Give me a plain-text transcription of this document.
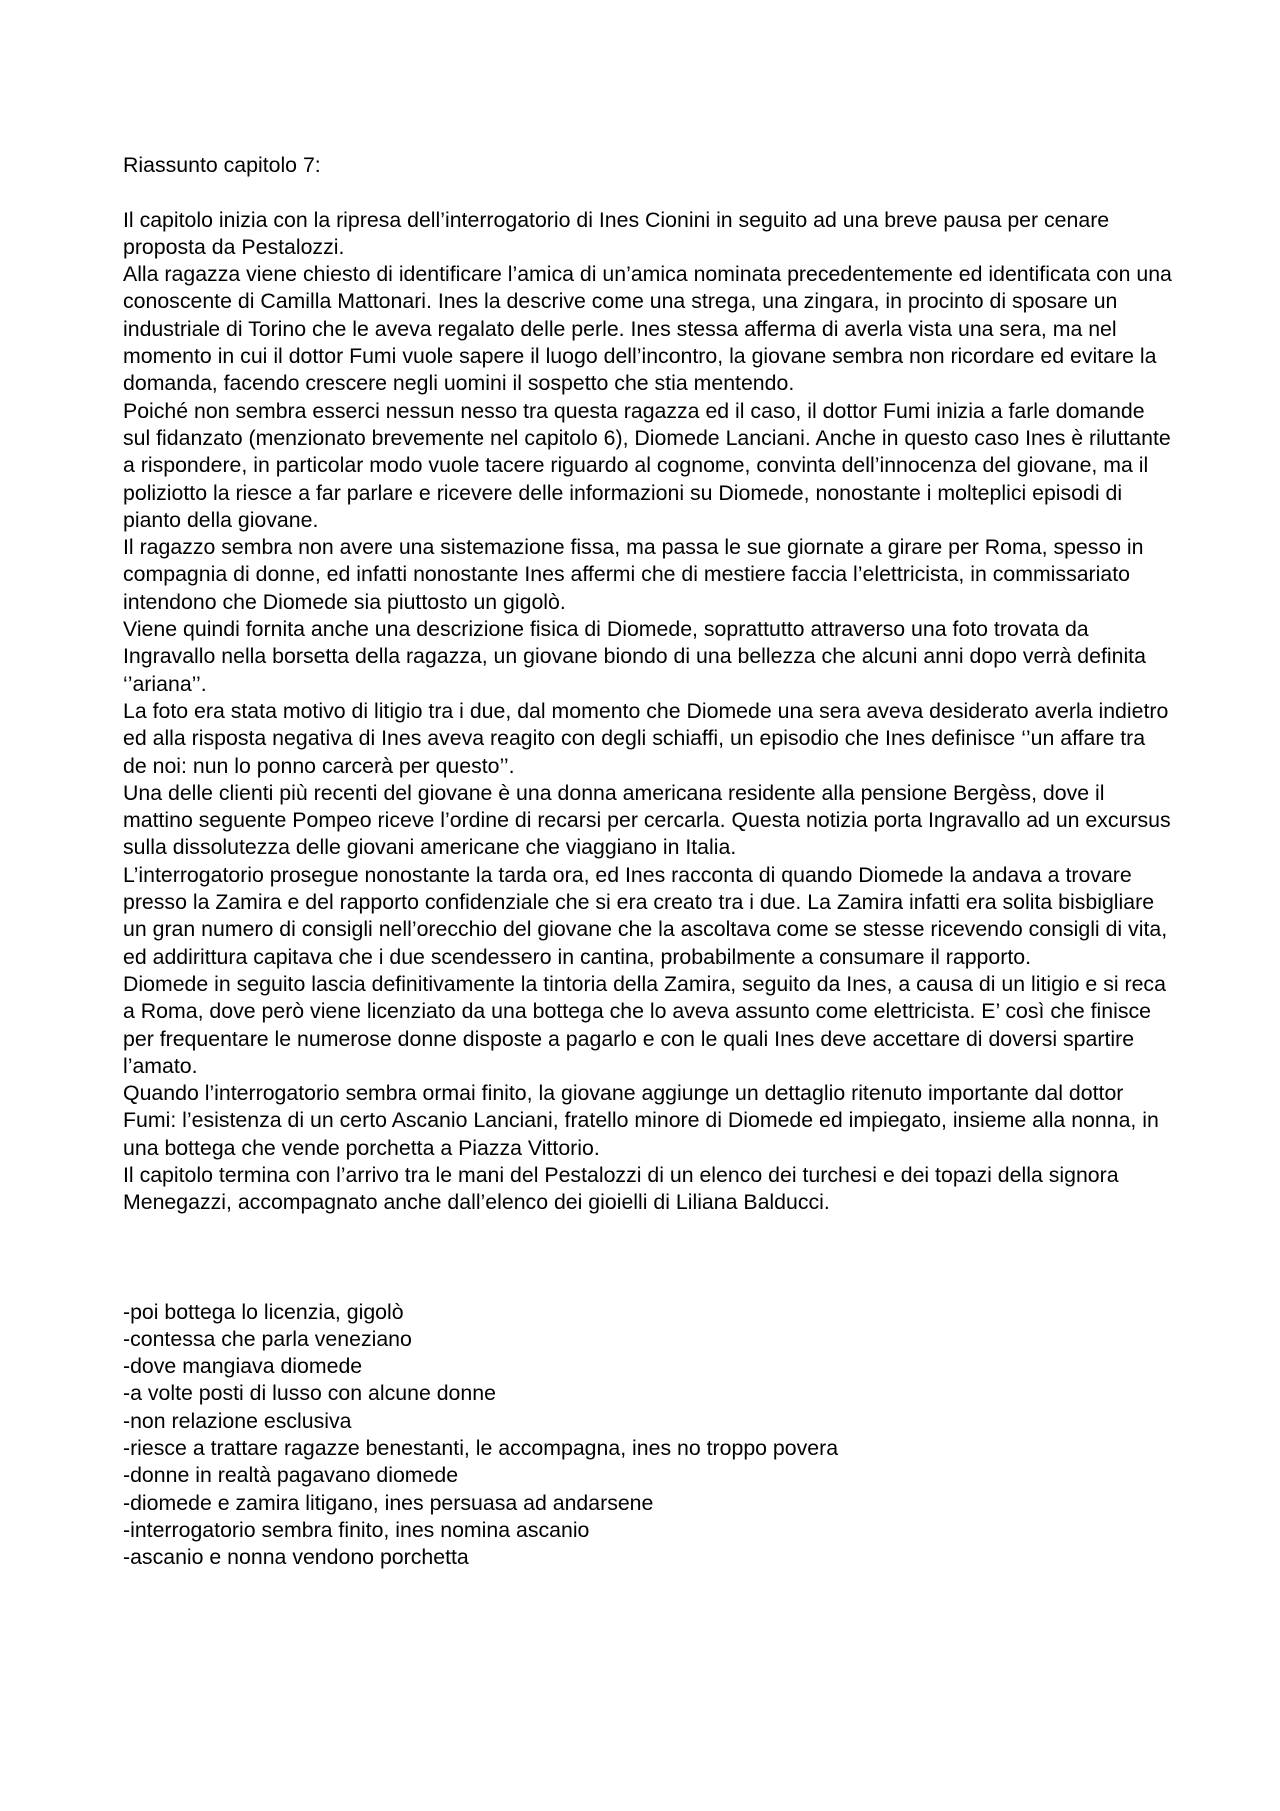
Riassunto capitolo 7:

Il capitolo inizia con la ripresa dell’interrogatorio di Ines Cionini in seguito ad una breve pausa per cenare proposta da Pestalozzi.

Alla ragazza viene chiesto di identificare l’amica di un’amica nominata precedentemente ed identificata con una conoscente di Camilla Mattonari. Ines la descrive come una strega, una zingara, in procinto di sposare un industriale di Torino che le aveva regalato delle perle. Ines stessa afferma di averla vista una sera, ma nel momento in cui il dottor Fumi vuole sapere il luogo dell’incontro, la giovane sembra non ricordare ed evitare la domanda, facendo crescere negli uomini il sospetto che stia mentendo.

Poiché non sembra esserci nessun nesso tra questa ragazza ed il caso, il dottor Fumi inizia a farle domande sul fidanzato (menzionato brevemente nel capitolo 6), Diomede Lanciani. Anche in questo caso Ines è riluttante a rispondere, in particolar modo vuole tacere riguardo al cognome, convinta dell’innocenza del giovane, ma il poliziotto la riesce a far parlare e ricevere delle informazioni su Diomede, nonostante i molteplici episodi di pianto della giovane.

Il ragazzo sembra non avere una sistemazione fissa, ma passa le sue giornate a girare per Roma, spesso in compagnia di donne, ed infatti nonostante Ines affermi che di mestiere faccia l’elettricista, in commissariato intendono che Diomede sia piuttosto un gigolò.

Viene quindi fornita anche una descrizione fisica di Diomede, soprattutto attraverso una foto trovata da Ingravallo nella borsetta della ragazza, un giovane biondo di una bellezza che alcuni anni dopo verrà definita ‘’ariana’’.

La foto era stata motivo di litigio tra i due, dal momento che Diomede una sera aveva desiderato averla indietro ed alla risposta negativa di Ines aveva reagito con degli schiaffi, un episodio che Ines definisce ‘’un affare tra de noi: nun lo ponno carcerà per questo’’.

Una delle clienti più recenti del giovane è una donna americana residente alla pensione Bergèss, dove il mattino seguente Pompeo riceve l’ordine di recarsi per cercarla. Questa notizia porta Ingravallo ad un excursus sulla dissolutezza delle giovani americane che viaggiano in Italia.

L’interrogatorio prosegue nonostante la tarda ora, ed Ines racconta di quando Diomede la andava a trovare presso la Zamira e del rapporto confidenziale che si era creato tra i due. La Zamira infatti era solita bisbigliare un gran numero di consigli nell’orecchio del giovane che la ascoltava come se stesse ricevendo consigli di vita, ed addirittura capitava che i due scendessero in cantina, probabilmente a consumare il rapporto.

Diomede in seguito lascia definitivamente la tintoria della Zamira, seguito da Ines, a causa di un litigio e si reca a Roma, dove però viene licenziato da una bottega che lo aveva assunto come elettricista. E’ così che finisce per frequentare le numerose donne disposte a pagarlo e con le quali Ines deve accettare di doversi spartire l’amato.

Quando l’interrogatorio sembra ormai finito, la giovane aggiunge un dettaglio ritenuto importante dal dottor Fumi: l’esistenza di un certo Ascanio Lanciani, fratello minore di Diomede ed impiegato, insieme alla nonna, in una bottega che vende porchetta a Piazza Vittorio.

Il capitolo termina con l’arrivo tra le mani del Pestalozzi di un elenco dei turchesi e dei topazi della signora Menegazzi, accompagnato anche dall’elenco dei gioielli di Liliana Balducci.

-poi bottega lo licenzia, gigolò
-contessa che parla veneziano
-dove mangiava diomede
-a volte posti di lusso con alcune donne
-non relazione esclusiva
-riesce a trattare ragazze benestanti, le accompagna, ines no troppo povera
-donne in realtà pagavano diomede
-diomede e zamira litigano, ines persuasa ad andarsene
-interrogatorio sembra finito, ines nomina ascanio
-ascanio e nonna vendono porchetta
